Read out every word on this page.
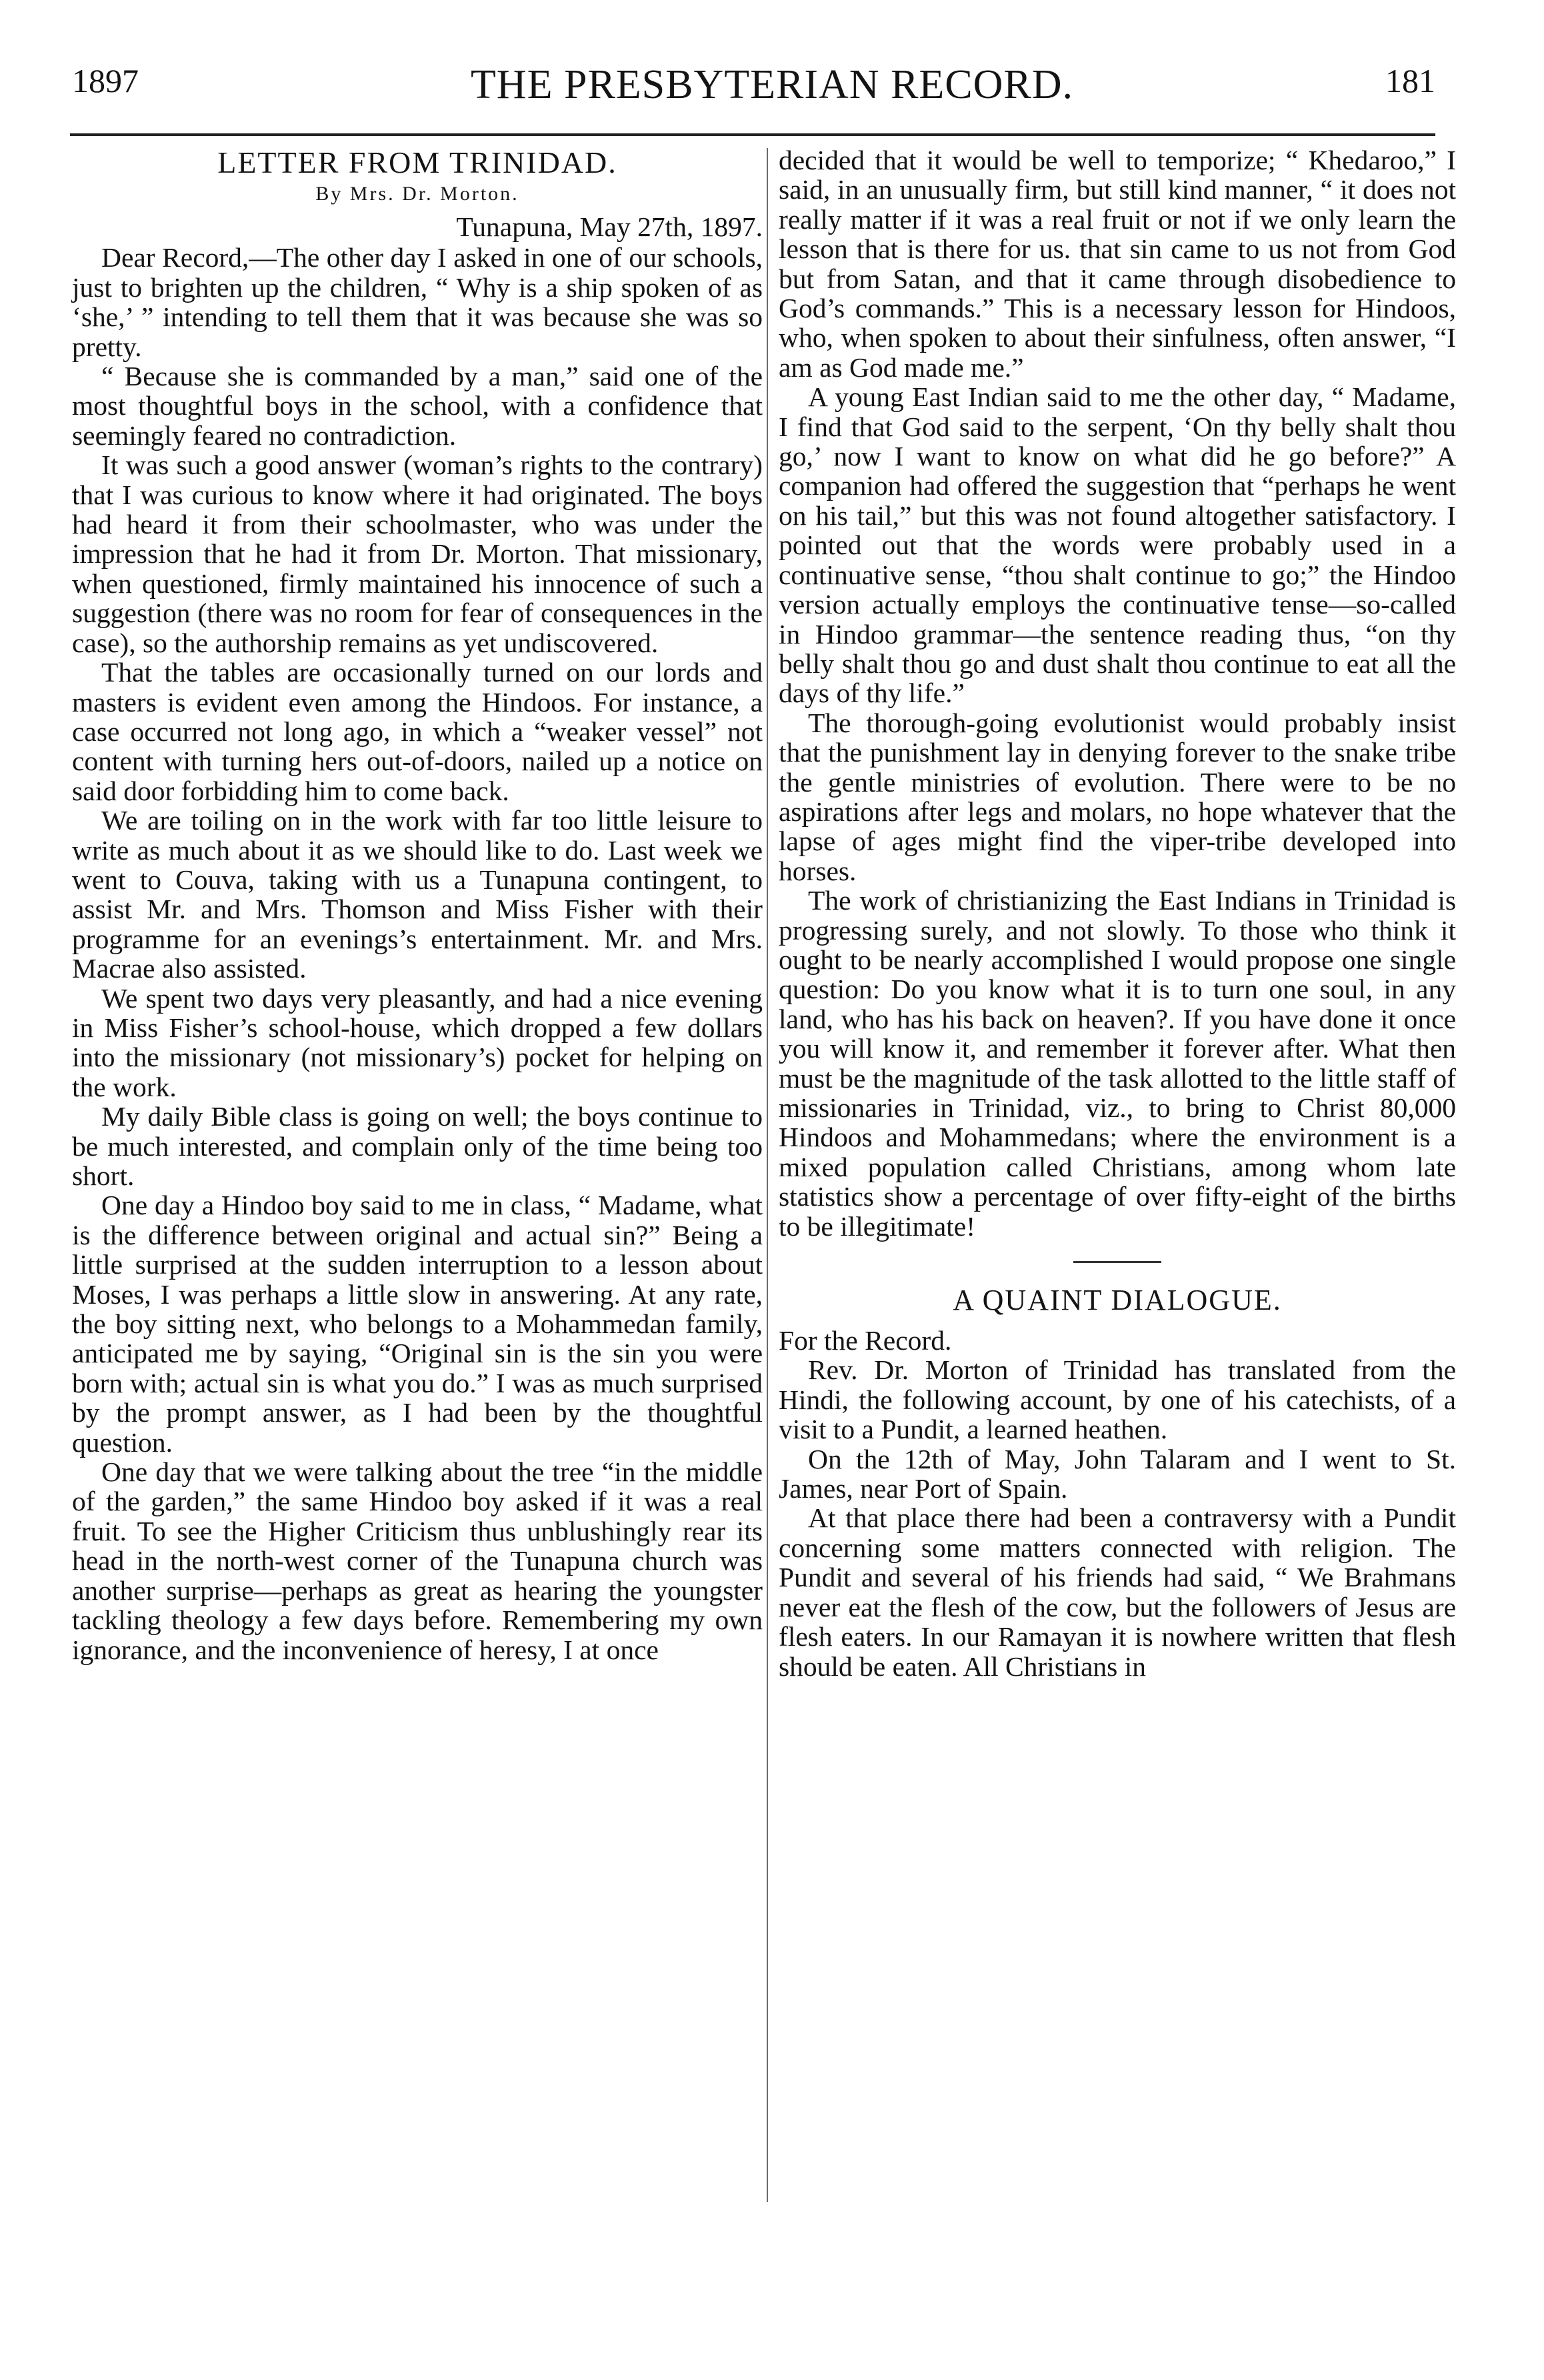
1897	THE PRESBYTERIAN RECORD.	181
LETTER FROM TRINIDAD.
By Mrs. Dr. Morton.

Tunapuna, May 27th, 1897.

Dear Record,—The other day I asked in one of our schools, just to brighten up the children, “ Why is a ship spoken of as ‘she,’ ” intending to tell them that it was because she was so pretty.

“ Because she is commanded by a man,” said one of the most thoughtful boys in the school, with a confidence that seemingly feared no contradiction.

It was such a good answer (woman’s rights to the contrary) that I was curious to know where it had originated. The boys had heard it from their schoolmaster, who was under the impression that he had it from Dr. Morton. That missionary, when questioned, firmly maintained his innocence of such a suggestion (there was no room for fear of consequences in the case), so the authorship remains as yet undiscovered.

That the tables are occasionally turned on our lords and masters is evident even among the Hindoos. For instance, a case occurred not long ago, in which a “weaker vessel” not content with turning hers out-of-doors, nailed up a notice on said door forbidding him to come back.

We are toiling on in the work with far too little leisure to write as much about it as we should like to do. Last week we went to Couva, taking with us a Tunapuna contingent, to assist Mr. and Mrs. Thomson and Miss Fisher with their programme for an evenings’s entertainment. Mr. and Mrs. Macrae also assisted.

We spent two days very pleasantly, and had a nice evening in Miss Fisher’s school-house, which dropped a few dollars into the missionary (not missionary’s) pocket for helping on the work.

My daily Bible class is going on well; the boys continue to be much interested, and complain only of the time being too short.

One day a Hindoo boy said to me in class, “ Madame, what is the difference between original and actual sin?” Being a little surprised at the sudden interruption to a lesson about Moses, I was perhaps a little slow in answering. At any rate, the boy sitting next, who belongs to a Mohammedan family, anticipated me by saying, “Original sin is the sin you were born with; actual sin is what you do.” I was as much surprised by the prompt answer, as I had been by the thoughtful question.

One day that we were talking about the tree “in the middle of the garden,” the same Hindoo boy asked if it was a real fruit. To see the Higher Criticism thus unblushingly rear its head in the north-west corner of the Tunapuna church was another surprise—perhaps as great as hearing the youngster tackling theology a few days before. Remembering my own ignorance, and the inconvenience of heresy, I at once

decided that it would be well to temporize; “ Khedaroo,” I said, in an unusually firm, but still kind manner, “ it does not really matter if it was a real fruit or not if we only learn the lesson that is there for us. that sin came to us not from God but from Satan, and that it came through disobedience to God’s commands.” This is a necessary lesson for Hindoos, who, when spoken to about their sinfulness, often answer, “I am as God made me.”

A young East Indian said to me the other day, “ Madame, I find that God said to the serpent, ‘On thy belly shalt thou go,’ now I want to know on what did he go before?” A companion had offered the suggestion that “perhaps he went on his tail,” but this was not found altogether satisfactory. I pointed out that the words were probably used in a continuative sense, “thou shalt continue to go;” the Hindoo version actually employs the continuative tense—so-called in Hindoo grammar—the sentence reading thus, “on thy belly shalt thou go and dust shalt thou continue to eat all the days of thy life.”

The thorough-going evolutionist would probably insist that the punishment lay in denying forever to the snake tribe the gentle ministries of evolution. There were to be no aspirations after legs and molars, no hope whatever that the lapse of ages might find the viper-tribe developed into horses.

The work of christianizing the East Indians in Trinidad is progressing surely, and not slowly. To those who think it ought to be nearly accomplished I would propose one single question: Do you know what it is to turn one soul, in any land, who has his back on heaven?. If you have done it once you will know it, and remember it forever after. What then must be the magnitude of the task allotted to the little staff of missionaries in Trinidad, viz., to bring to Christ 80,000 Hindoos and Mohammedans; where the environment is a mixed population called Christians, among whom late statistics show a percentage of over fifty-eight of the births to be illegitimate!

A QUAINT DIALOGUE.

For the Record.

Rev. Dr. Morton of Trinidad has translated from the Hindi, the following account, by one of his catechists, of a visit to a Pundit, a learned heathen.

On the 12th of May, John Talaram and I went to St. James, near Port of Spain.

At that place there had been a contraversy with a Pundit concerning some matters connected with religion. The Pundit and several of his friends had said, “ We Brahmans never eat the flesh of the cow, but the followers of Jesus are flesh eaters. In our Ramayan it is nowhere written that flesh should be eaten. All Christians in
